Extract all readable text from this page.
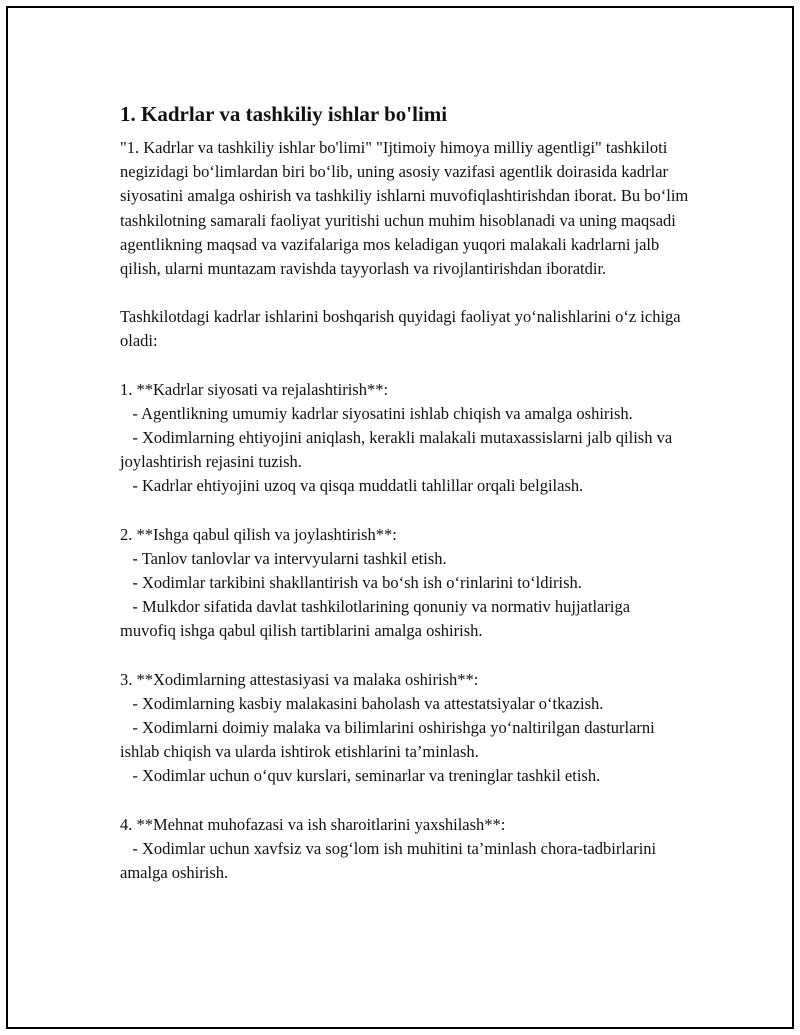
1. Kadrlar va tashkiliy ishlar bo'limi

"1. Kadrlar va tashkiliy ishlar bo'limi" "Ijtimoiy himoya milliy agentligi" tashkiloti negizidagi bo‘limlardan biri bo‘lib, uning asosiy vazifasi agentlik doirasida kadrlar siyosatini amalga oshirish va tashkiliy ishlarni muvofiqlashtirishdan iborat. Bu bo‘lim tashkilotning samarali faoliyat yuritishi uchun muhim hisoblanadi va uning maqsadi agentlikning maqsad va vazifalariga mos keladigan yuqori malakali kadrlarni jalb qilish, ularni muntazam ravishda tayyorlash va rivojlantirishdan iboratdir.

Tashkilotdagi kadrlar ishlarini boshqarish quyidagi faoliyat yo‘nalishlarini o‘z ichiga oladi:

1. **Kadrlar siyosati va rejalashtirish**:
- Agentlikning umumiy kadrlar siyosatini ishlab chiqish va amalga oshirish.
- Xodimlarning ehtiyojini aniqlash, kerakli malakali mutaxassislarni jalb qilish va joylashtirish rejasini tuzish.
- Kadrlar ehtiyojini uzoq va qisqa muddatli tahlillar orqali belgilash.
2. **Ishga qabul qilish va joylashtirish**:
- Tanlov tanlovlar va intervyularni tashkil etish.
- Xodimlar tarkibini shakllantirish va bo‘sh ish o‘rinlarini to‘ldirish.
- Mulkdor sifatida davlat tashkilotlarining qonuniy va normativ hujjatlariga muvofiq ishga qabul qilish tartiblarini amalga oshirish.
3. **Xodimlarning attestasiyasi va malaka oshirish**:
- Xodimlarning kasbiy malakasini baholash va attestatsiyalar o‘tkazish.
- Xodimlarni doimiy malaka va bilimlarini oshirishga yo‘naltirilgan dasturlarni ishlab chiqish va ularda ishtirok etishlarini ta’minlash.
- Xodimlar uchun o‘quv kurslari, seminarlar va treninglar tashkil etish.
4. **Mehnat muhofazasi va ish sharoitlarini yaxshilash**:
- Xodimlar uchun xavfsiz va sog‘lom ish muhitini ta’minlash chora-tadbirlarini amalga oshirish.
